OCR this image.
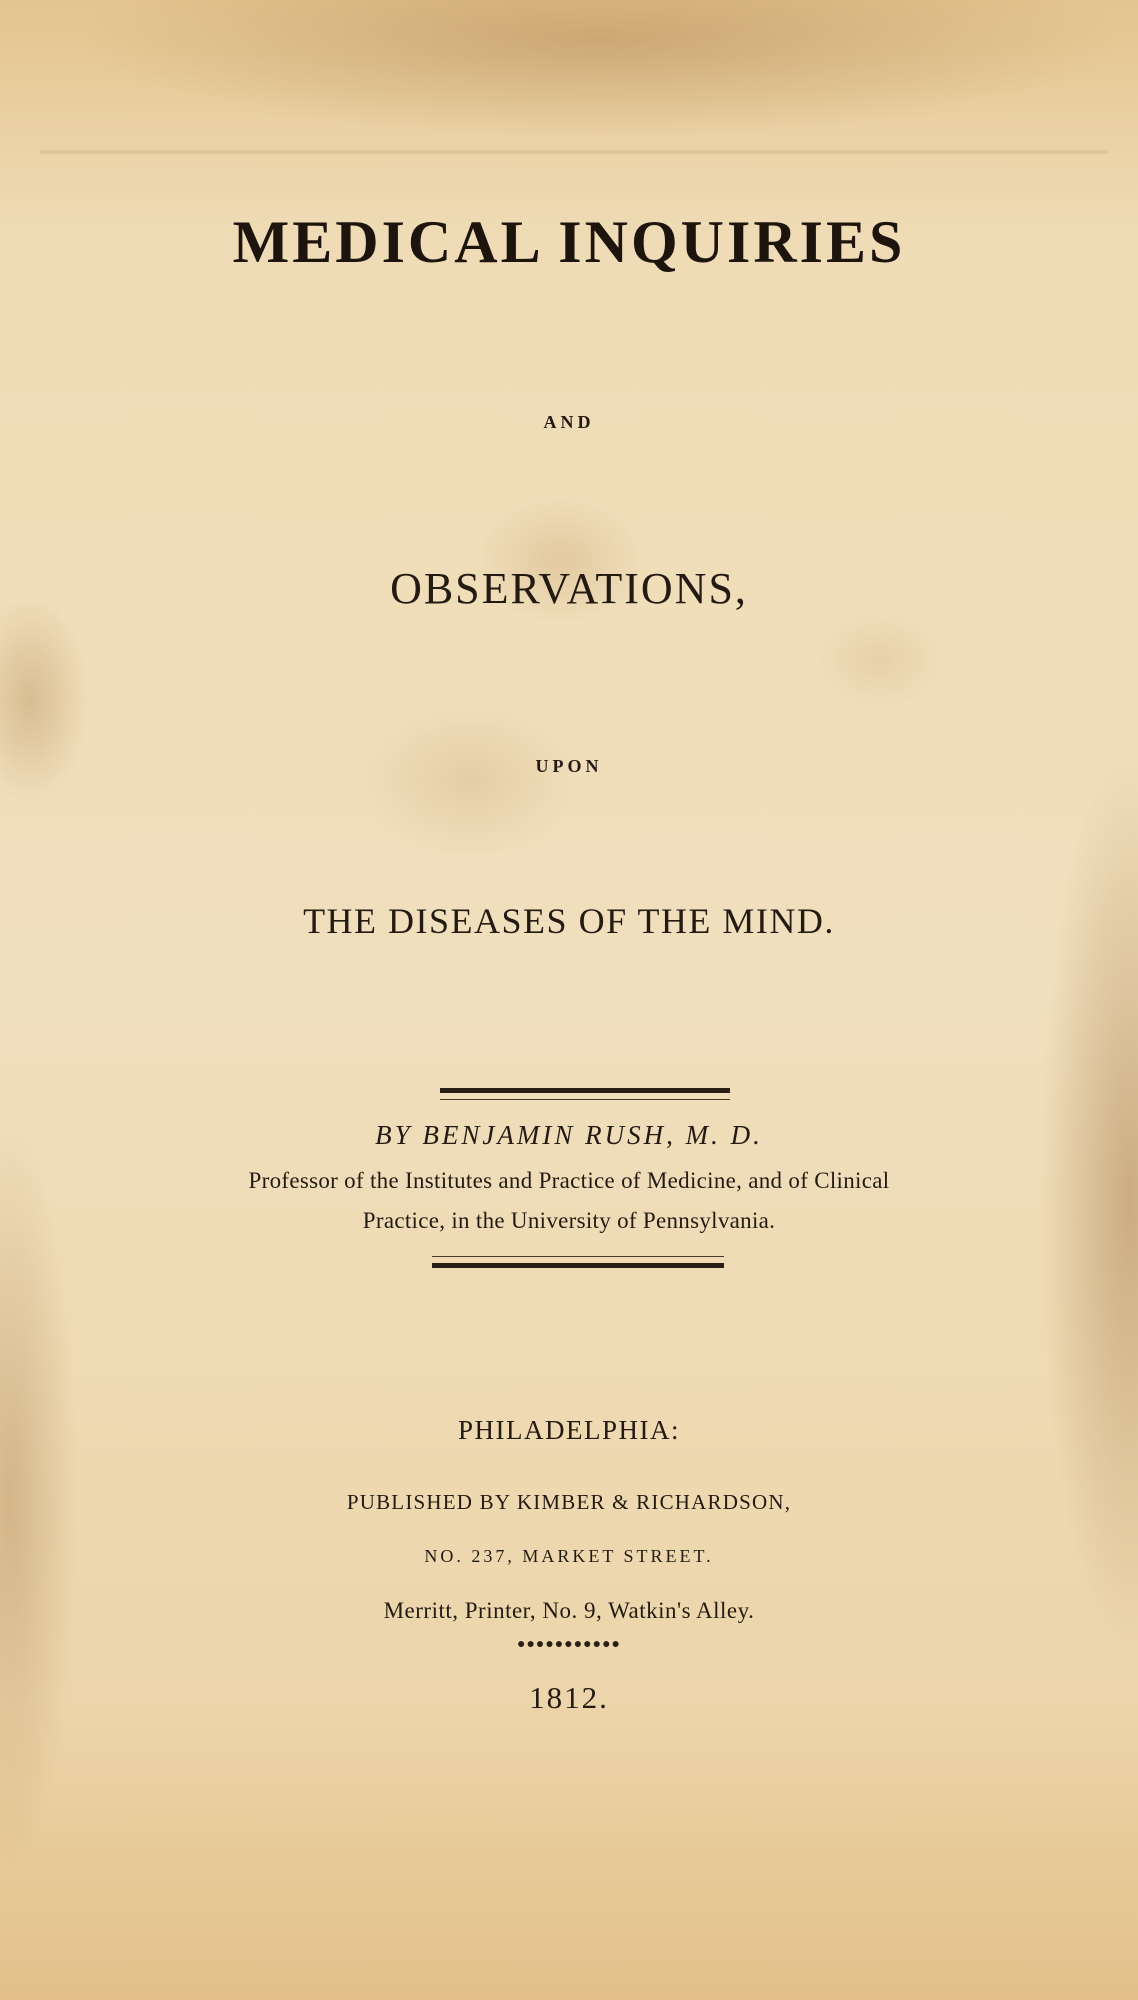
MEDICAL INQUIRIES
AND
OBSERVATIONS,
UPON
THE DISEASES OF THE MIND.
BY BENJAMIN RUSH, M. D.
Professor of the Institutes and Practice of Medicine, and of Clinical
Practice, in the University of Pennsylvania.
PHILADELPHIA:
PUBLISHED BY KIMBER & RICHARDSON,
NO. 237, MARKET STREET.
Merritt, Printer, No. 9, Watkin's Alley.
●●●●●●●●●●●
1812.
